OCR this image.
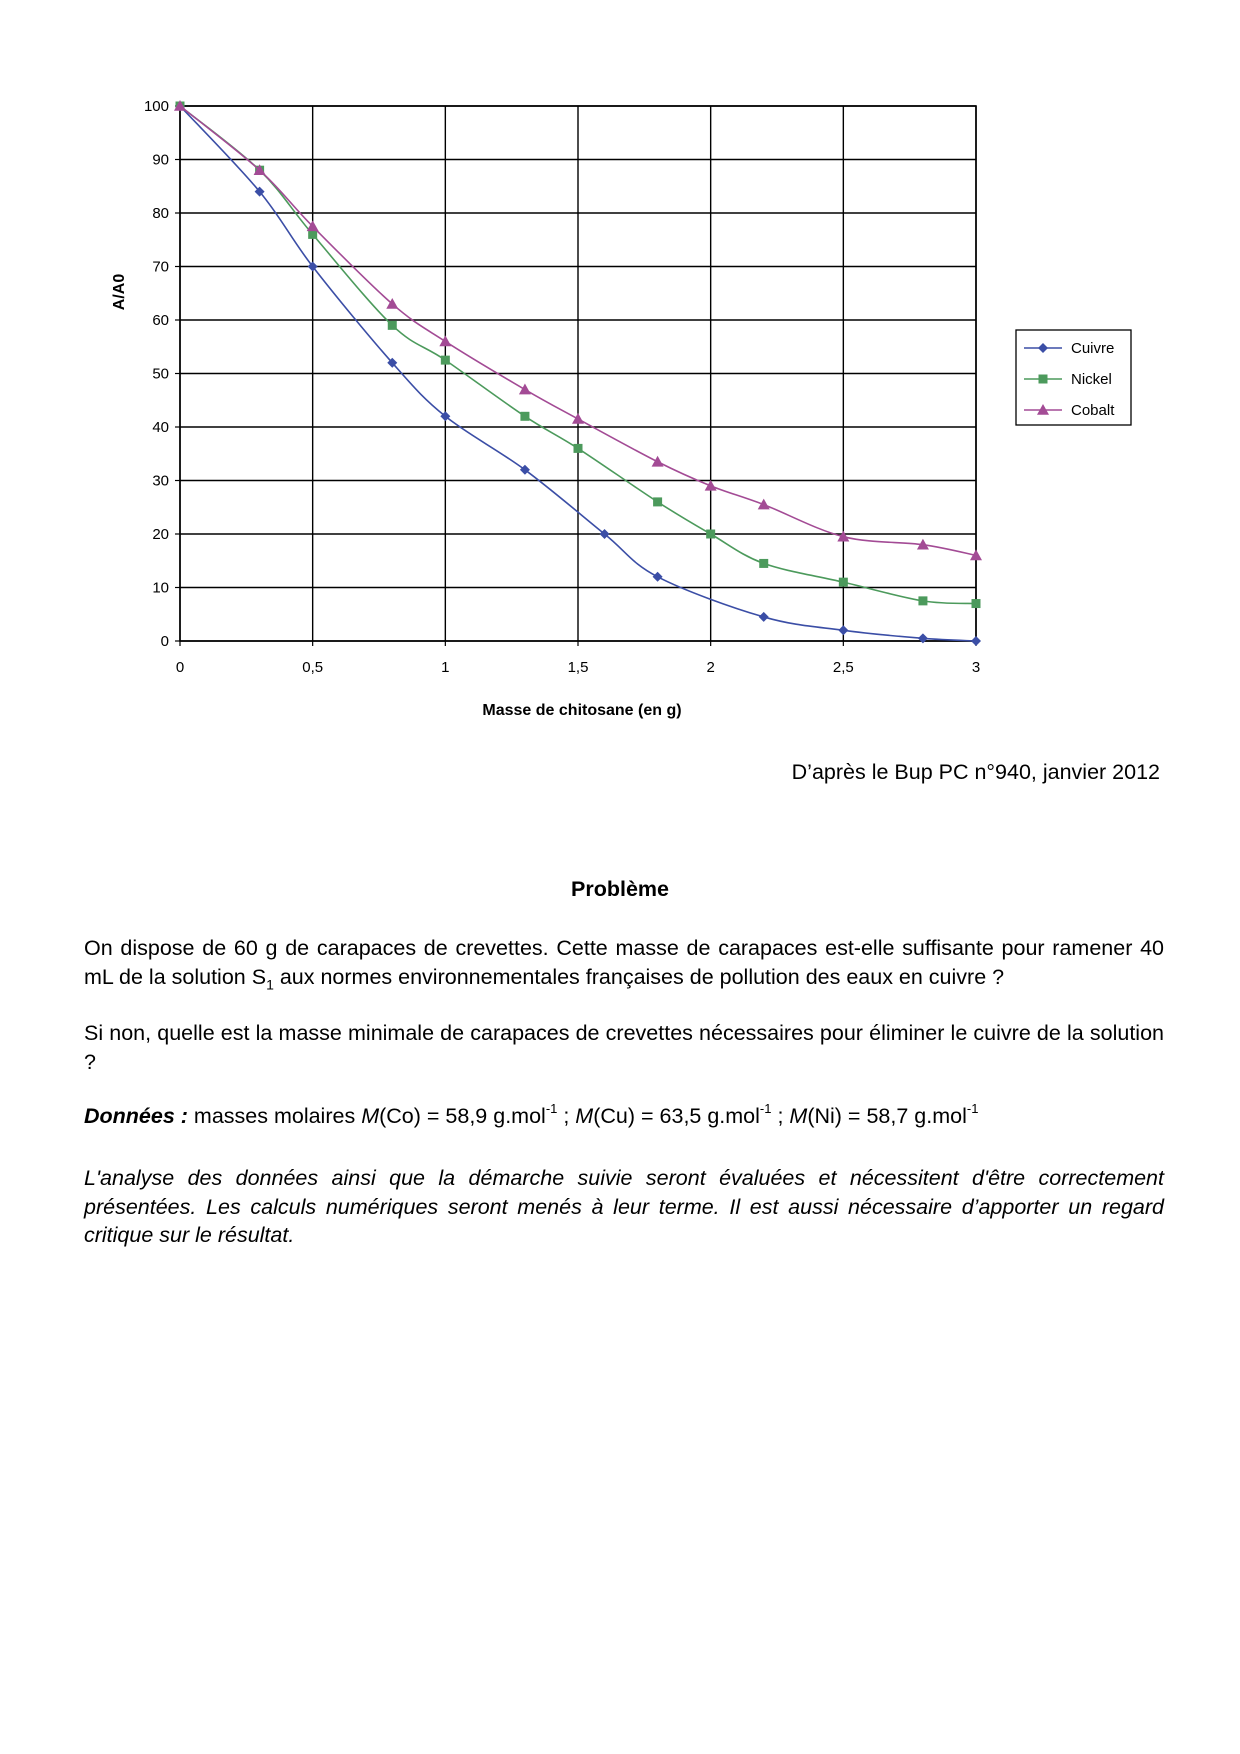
0
10
20
30
40
50
60
70
80
90
100
0	0,5	1	1,5	2	2,5	3
Masse de chitosane (en g)
A/A0
Cuivre
Nickel
Cobalt
D’après le Bup PC n°940, janvier 2012
Problème
On dispose de 60 g de carapaces de crevettes. Cette masse de carapaces est-elle suffisante pour ramener 40 mL de la solution $S_1$ aux normes environnementales françaises de pollution des eaux en cuivre ?
Si non, quelle est la masse minimale de carapaces de crevettes nécessaires pour éliminer le cuivre de la solution ?
Données : masses molaires M(Co) = 58,9 g.mol$^{-1}$ ; M(Cu) = 63,5 g.mol$^{-1}$ ; M(Ni) = 58,7 g.mol$^{-1}$
L'analyse des données ainsi que la démarche suivie seront évaluées et nécessitent d'être correctement présentées. Les calculs numériques seront menés à leur terme. Il est aussi nécessaire d’apporter un regard critique sur le résultat.
